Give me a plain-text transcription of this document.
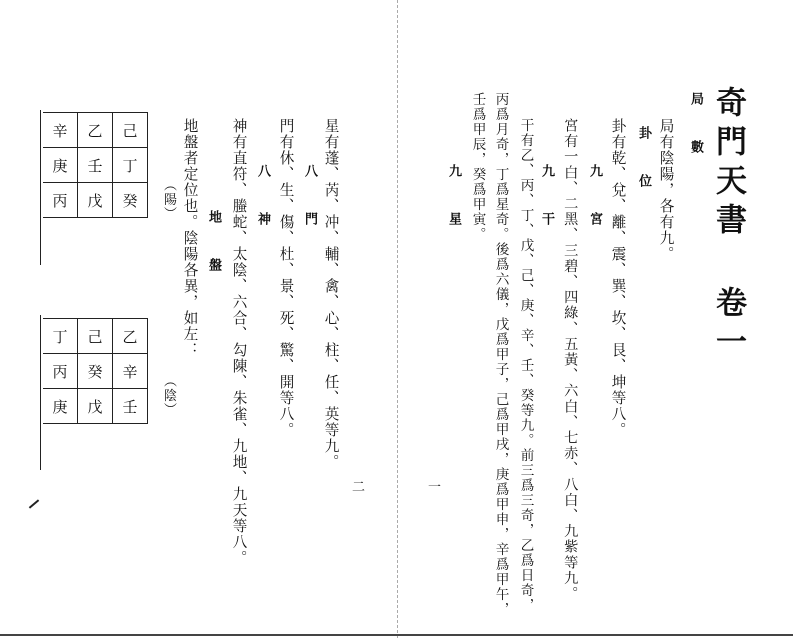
奇門天書 卷一
局 數
局有陰陽，各有九。
卦 位
卦有乾、兌、離、震、巽、坎、艮、坤等八。
九 宮
宮有一白、二黑、三碧、四綠、五黃、六白、七赤、八白、九紫等九。
九 干
干有乙、丙、丁、戊、己、庚、辛、壬、癸等九。前三爲三奇，乙爲日奇，
丙爲月奇，丁爲星奇。後爲六儀，戊爲甲子，己爲甲戌，庚爲甲申，辛爲甲午，
壬爲甲辰，癸爲甲寅。
九 星
一
星有蓬、芮、冲、輔、禽、心、柱、任、英等九。
八 門
門有休、生、傷、杜、景、死、驚、開等八。
八 神
神有直符、螣蛇、太陰、六合、勾陳、朱雀、九地、九天等八。
地 盤
地盤者定位也。陰陽各異，如左：
（陽）
（陰）
辛	乙	己
庚	壬	丁
丙	戊	癸
丁	己	乙
丙	癸	辛
庚	戊	壬
二
